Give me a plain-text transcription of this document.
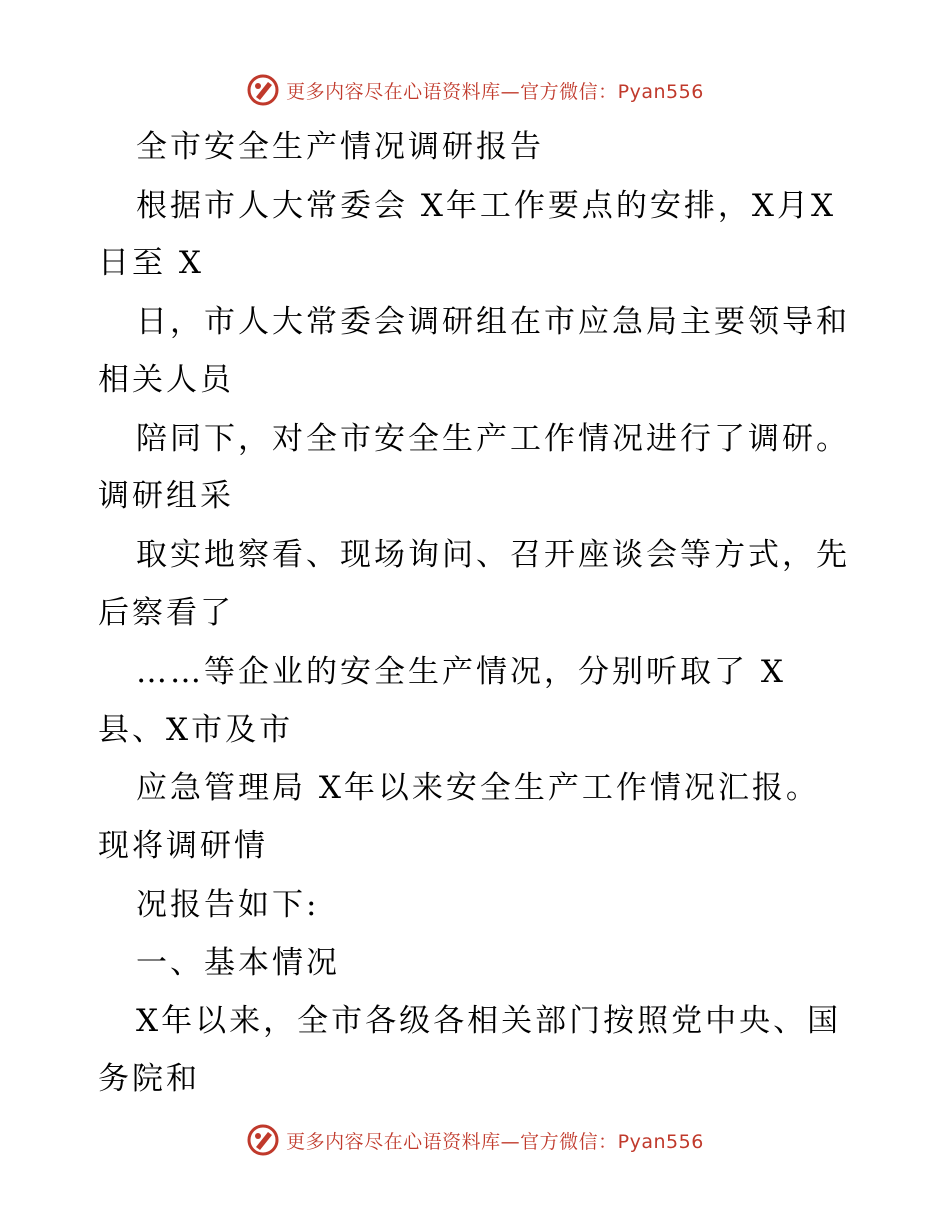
更多内容尽在心语资料库—官方微信：Pyan556
全市安全生产情况调研报告
根据市人大常委会 X年工作要点的安排，X月X
日至 X
日，市人大常委会调研组在市应急局主要领导和
相关人员
陪同下，对全市安全生产工作情况进行了调研。
调研组采
取实地察看、现场询问、召开座谈会等方式，先
后察看了
……等企业的安全生产情况，分别听取了 X
县、X市及市
应急管理局 X年以来安全生产工作情况汇报。
现将调研情
况报告如下:
一、基本情况
X年以来，全市各级各相关部门按照党中央、国
务院和
更多内容尽在心语资料库—官方微信：Pyan556
